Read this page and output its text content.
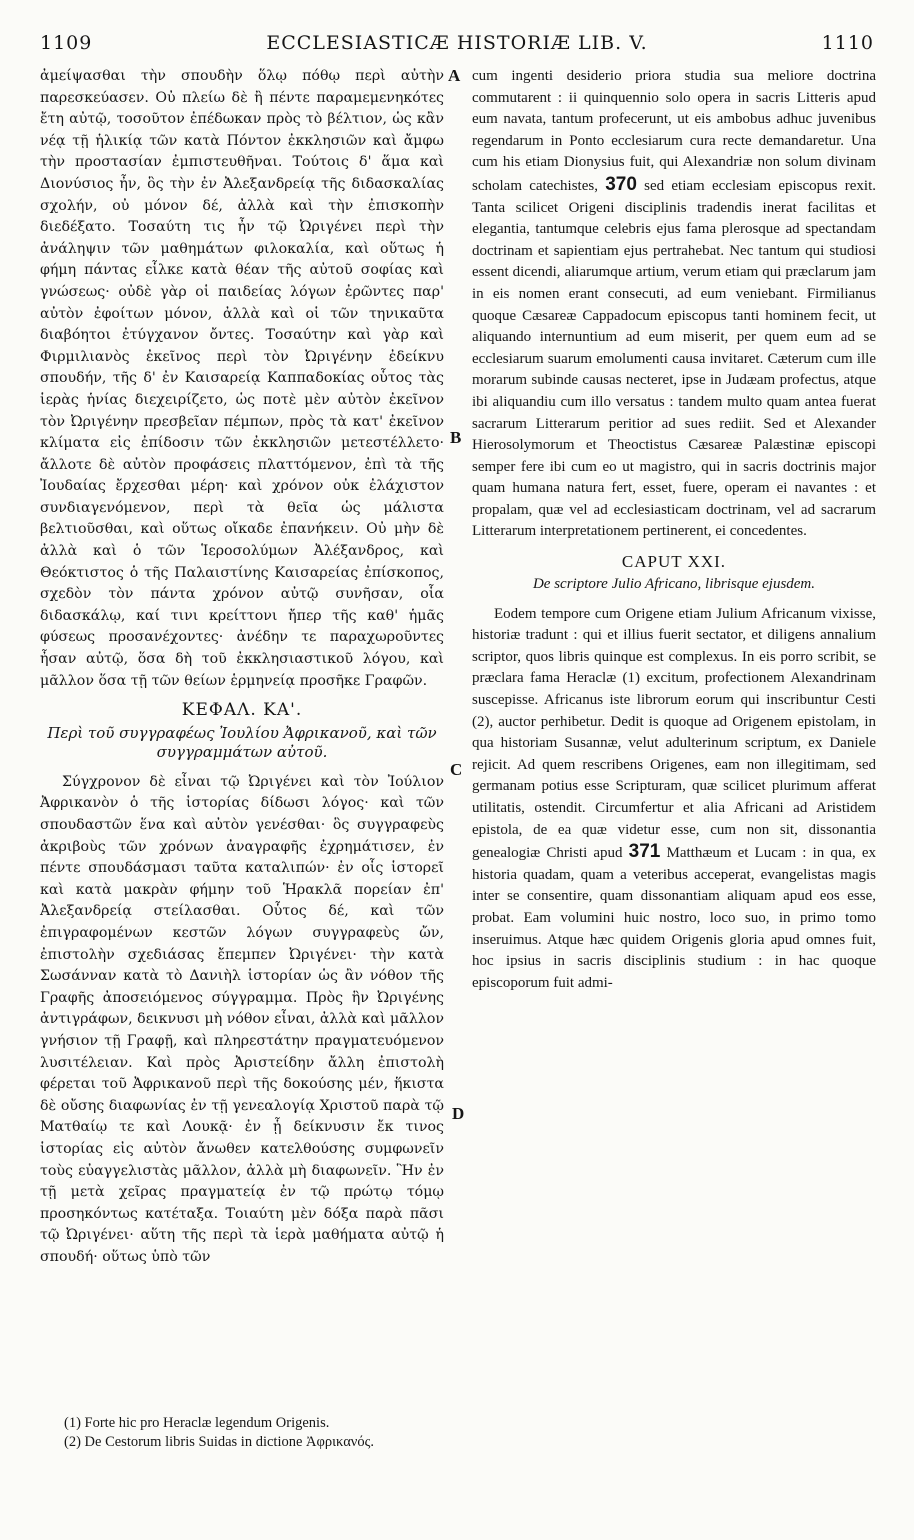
1109	ECCLESIASTICÆ HISTORIÆ LIB. V.	1110

ἀμείψασθαι τὴν σπουδὴν ὅλῳ πόθῳ περὶ αὐτὴν παρεσκεύασεν. Οὐ πλείω δὲ ἢ πέντε παραμεμενηκότες ἔτη αὐτῷ, τοσοῦτον ἐπέδωκαν πρὸς τὸ βέλτιον, ὡς κἂν νέᾳ τῇ ἡλικίᾳ τῶν κατὰ Πόντον ἐκκλησιῶν καὶ ἄμφω τὴν προστασίαν ἐμπιστευθῆναι. Τούτοις δ' ἅμα καὶ Διονύσιος ἦν, ὃς τὴν ἐν Ἀλεξανδρείᾳ τῆς διδασκαλίας σχολήν, οὐ μόνον δέ, ἀλλὰ καὶ τὴν ἐπισκοπὴν διεδέξατο. Τοσαύτη τις ἦν τῷ Ὠριγένει περὶ τὴν ἀνάληψιν τῶν μαθημάτων φιλοκαλία, καὶ οὕτως ἡ φήμη πάντας εἷλκε κατὰ θέαν τῆς αὐτοῦ σοφίας καὶ γνώσεως· οὐδὲ γὰρ οἱ παιδείας λόγων ἐρῶντες παρ' αὐτὸν ἐφοίτων μόνον, ἀλλὰ καὶ οἱ τῶν τηνικαῦτα διαβόητοι ἐτύγχανον ὄντες. Τοσαύτην καὶ γὰρ καὶ Φιρμιλιανὸς ἐκεῖνος περὶ τὸν Ὠριγένην ἐδείκνυ σπουδήν, τῆς δ' ἐν Καισαρείᾳ Καππαδοκίας οὗτος τὰς ἱερὰς ἡνίας διεχειρίζετο, ὡς ποτὲ μὲν αὐτὸν ἐκεῖνον τὸν Ὠριγένην πρεσβεῖαν πέμπων, πρὸς τὰ κατ' ἐκεῖνον κλίματα εἰς ἐπίδοσιν τῶν ἐκκλησιῶν μετεστέλλετο· ἄλλοτε δὲ αὐτὸν προφάσεις πλαττόμενον, ἐπὶ τὰ τῆς Ἰουδαίας ἔρχεσθαι μέρη· καὶ χρόνον οὐκ ἐλάχιστον συνδιαγενόμενον, περὶ τὰ θεῖα ὡς μάλιστα βελτιοῦσθαι, καὶ οὕτως οἴκαδε ἐπανήκειν. Οὐ μὴν δὲ ἀλλὰ καὶ ὁ τῶν Ἱεροσολύμων Ἀλέξανδρος, καὶ Θεόκτιστος ὁ τῆς Παλαιστίνης Καισαρείας ἐπίσκοπος, σχεδὸν τὸν πάντα χρόνον αὐτῷ συνῆσαν, οἷα διδασκάλῳ, καί τινι κρείττονι ἤπερ τῆς καθ' ἡμᾶς φύσεως προσανέχοντες· ἀνέδην τε παραχωροῦντες ἦσαν αὐτῷ, ὅσα δὴ τοῦ ἐκκλησιαστικοῦ λόγου, καὶ μᾶλλον ὅσα τῇ τῶν θείων ἑρμηνείᾳ προσῆκε Γραφῶν.

ΚΕΦΑΛ. ΚΑ'.
Περὶ τοῦ συγγραφέως Ἰουλίου Ἀφρικανοῦ, καὶ τῶν συγγραμμάτων αὐτοῦ.

Σύγχρονον δὲ εἶναι τῷ Ὠριγένει καὶ τὸν Ἰούλιον Ἀφρικανὸν ὁ τῆς ἱστορίας δίδωσι λόγος· καὶ τῶν σπουδαστῶν ἕνα καὶ αὐτὸν γενέσθαι· ὃς συγγραφεὺς ἀκριβοὺς τῶν χρόνων ἀναγραφῆς ἐχρημάτισεν, ἐν πέντε σπουδάσμασι ταῦτα καταλιπών· ἐν οἷς ἱστορεῖ καὶ κατὰ μακρὰν φήμην τοῦ Ἡρακλᾶ πορείαν ἐπ' Ἀλεξανδρείᾳ στείλασθαι. Οὗτος δέ, καὶ τῶν ἐπιγραφομένων κεστῶν λόγων συγγραφεὺς ὤν, ἐπιστολὴν σχεδιάσας ἔπεμπεν Ὠριγένει· τὴν κατὰ Σωσάνναν κατὰ τὸ Δανιὴλ ἱστορίαν ὡς ἂν νόθον τῆς Γραφῆς ἀποσειόμενος σύγγραμμα. Πρὸς ἣν Ὠριγένης ἀντιγράφων, δεικνυσι μὴ νόθον εἶναι, ἀλλὰ καὶ μᾶλλον γνήσιον τῇ Γραφῇ, καὶ πληρεστάτην πραγματευόμενον λυσιτέλειαν. Καὶ πρὸς Ἀριστείδην ἄλλη ἐπιστολὴ φέρεται τοῦ Ἀφρικανοῦ περὶ τῆς δοκούσης μέν, ἥκιστα δὲ οὔσης διαφωνίας ἐν τῇ γενεαλογίᾳ Χριστοῦ παρὰ τῷ Ματθαίῳ τε καὶ Λουκᾷ· ἐν ᾗ δείκνυσιν ἔκ τινος ἱστορίας εἰς αὐτὸν ἄνωθεν κατελθούσης συμφωνεῖν τοὺς εὐαγγελιστὰς μᾶλλον, ἀλλὰ μὴ διαφωνεῖν. Ἣν ἐν τῇ μετὰ χεῖρας πραγματείᾳ ἐν τῷ πρώτῳ τόμῳ προσηκόντως κατέταξα. Τοιαύτη μὲν δόξα παρὰ πᾶσι τῷ Ὠριγένει· αὕτη τῆς περὶ τὰ ἱερὰ μαθήματα αὐτῷ ἡ σπουδή· οὕτως ὑπὸ τῶν

A
B
C
D

cum ingenti desiderio priora studia sua meliore doctrina commutarent : ii quinquennio solo opera in sacris Litteris apud eum navata, tantum profecerunt, ut eis ambobus adhuc juvenibus regendarum in Ponto ecclesiarum cura recte demandaretur. Una cum his etiam Dionysius fuit, qui Alexandriæ non solum divinam scholam catechistes, 370 sed etiam ecclesiam episcopus rexit. Tanta scilicet Origeni disciplinis tradendis inerat facilitas et elegantia, tantumque celebris ejus fama plerosque ad spectandam doctrinam et sapientiam ejus pertrahebat. Nec tantum qui studiosi essent dicendi, aliarumque artium, verum etiam qui præclarum jam in eis nomen erant consecuti, ad eum veniebant. Firmilianus quoque Cæsareæ Cappadocum episcopus tanti hominem fecit, ut aliquando internuntium ad eum miserit, per quem eum ad se ecclesiarum suarum emolumenti causa invitaret. Cæterum cum ille morarum subinde causas necteret, ipse in Judæam profectus, atque ibi aliquandiu cum illo versatus : tandem multo quam antea fuerat sacrarum Litterarum peritior ad sues rediit. Sed et Alexander Hierosolymorum et Theoctistus Cæsareæ Palæstinæ episcopi semper fere ibi cum eo ut magistro, qui in sacris doctrinis major quam humana natura fert, esset, fuere, operam ei navantes : et propalam, quæ vel ad ecclesiasticam doctrinam, vel ad sacrarum Litterarum interpretationem pertinerent, ei concedentes.

CAPUT XXI.
De scriptore Julio Africano, librisque ejusdem.

Eodem tempore cum Origene etiam Julium Africanum vixisse, historiæ tradunt : qui et illius fuerit sectator, et diligens annalium scriptor, quos libris quinque est complexus. In eis porro scribit, se præclara fama Heraclæ (1) excitum, profectionem Alexandrinam suscepisse. Africanus iste librorum eorum qui inscribuntur Cesti (2), auctor perhibetur. Dedit is quoque ad Origenem epistolam, in qua historiam Susannæ, velut adulterinum scriptum, ex Daniele rejicit. Ad quem rescribens Origenes, eam non illegitimam, sed germanam potius esse Scripturam, quæ scilicet plurimum afferat utilitatis, ostendit. Circumfertur et alia Africani ad Aristidem epistola, de ea quæ videtur esse, cum non sit, dissonantia genealogiæ Christi apud 371 Matthæum et Lucam : in qua, ex historia quadam, quam a veteribus acceperat, evangelistas magis inter se consentire, quam dissonantiam aliquam apud eos esse, probat. Eam volumini huic nostro, loco suo, in primo tomo inseruimus. Atque hæc quidem Origenis gloria apud omnes fuit, hoc ipsius in sacris disciplinis studium : in hac quoque episcoporum fuit admi-

(1) Forte hic pro Heraclæ legendum Origenis.
(2) De Cestorum libris Suidas in dictione Ἀφρικανός.
